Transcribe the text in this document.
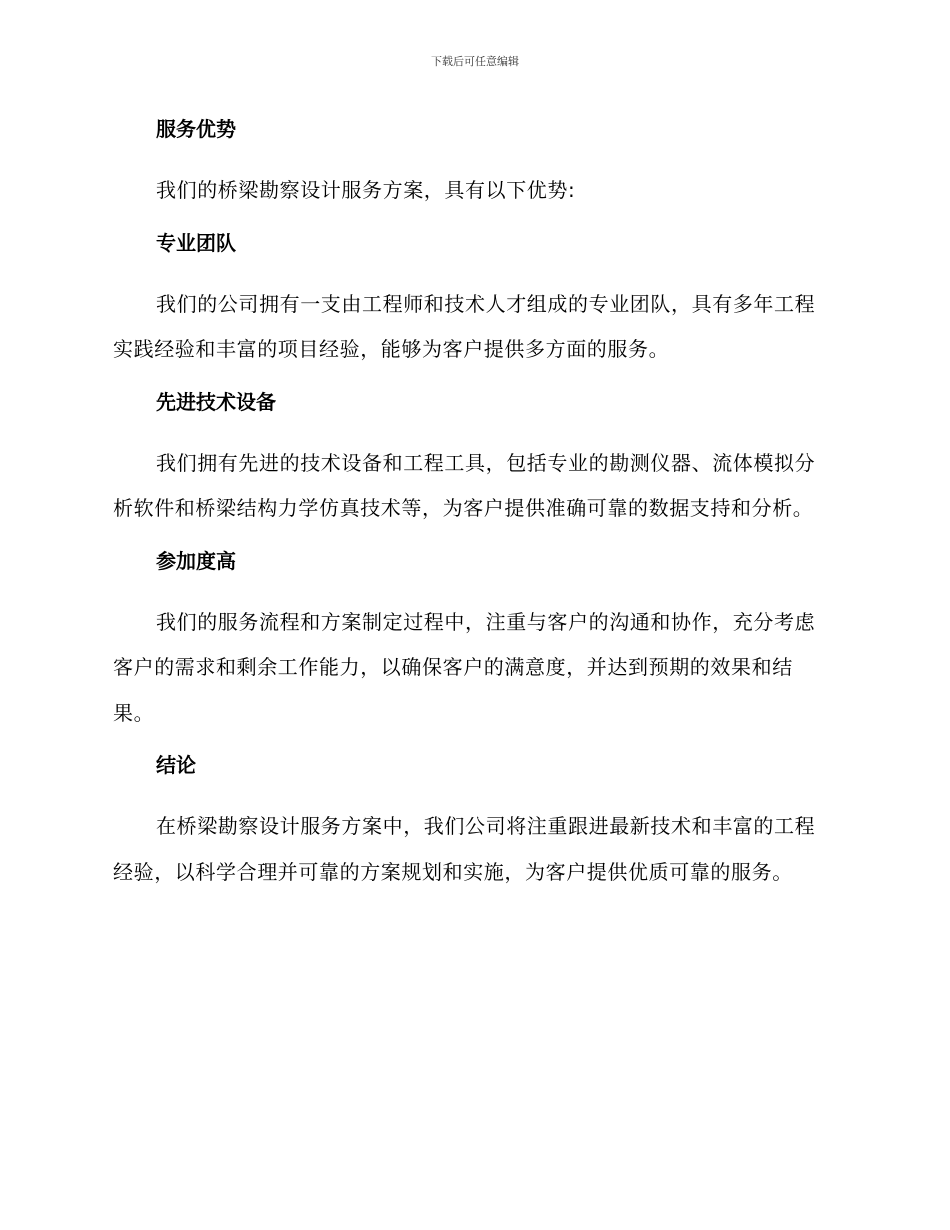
下载后可任意编辑
服务优势

我们的桥梁勘察设计服务方案，具有以下优势:

专业团队

我们的公司拥有一支由工程师和技术人才组成的专业团队，具有多年工程实践经验和丰富的项目经验，能够为客户提供多方面的服务。

先进技术设备

我们拥有先进的技术设备和工程工具，包括专业的勘测仪器、流体模拟分析软件和桥梁结构力学仿真技术等，为客户提供准确可靠的数据支持和分析。

参加度高

我们的服务流程和方案制定过程中，注重与客户的沟通和协作，充分考虑客户的需求和剩余工作能力，以确保客户的满意度，并达到预期的效果和结果。

结论

在桥梁勘察设计服务方案中，我们公司将注重跟进最新技术和丰富的工程经验，以科学合理并可靠的方案规划和实施，为客户提供优质可靠的服务。
